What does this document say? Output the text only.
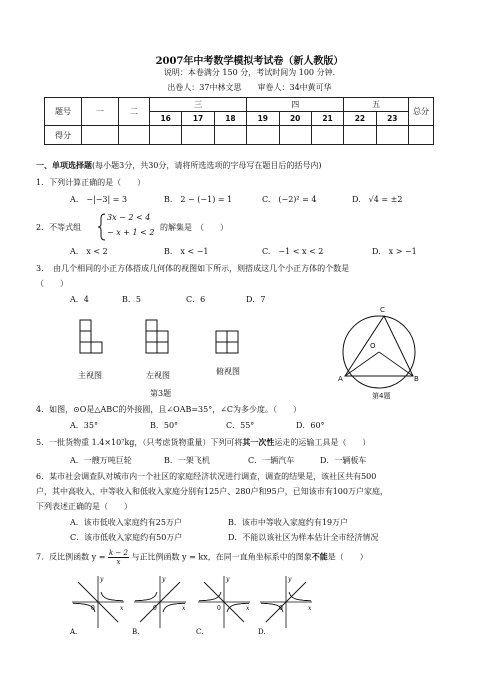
2007年中考数学模拟考试卷（新人教版）
说明：本卷满分 150 分，考试时间为 100 分钟.
出卷人：37中林文思　　审卷人：34中黄可华
题号	一	二	三			四			五		总分
			16	17	18	19	20	21	22	23	
得分											
一、单项选择题(每小题3分，共30分，请将所选选项的字母写在题目后的括号内)
1．下列计算正确的是（　　）
A.　−|−3| = 3	B.　2 − (−1) = 1	C.　(−2)² = 4	D.　√4 = ±2
2．不等式组
3x − 2 < 4
− x + 1 < 2
的解集是　（　　）
A.　x < 2	B.　x < −1	C.　−1 < x < 2	D.　x > −1
3．　由几个相同的小正方体搭成几何体的视图如下所示，则搭成这几个小正方体的个数是
（　　）
A．4	B．5	C．6	D．7
主视图	左视图	俯视图
第3题
C
O
A	B
第4题
4．如图，⊙O是△ABC的外接圆，且∠OAB=35°，∠C为多少度。（　　）
A．35°	B．50°	C．55°	D．60°
5．一批货物重 1.4×10⁷kg，（只考虑货物重量）下列可将其一次性运走的运输工具是（　　）
A．一艘万吨巨轮	B．一架飞机	C．一辆汽车	D．一辆板车
6．某市社会调查队对城市内一个社区的家庭经济状况进行调查，调查的结果是，该社区共有500
户，其中高收入、中等收入和低收入家庭分别有125户、280户和95户，已知该市有100万户家庭，
下列表述正确的是（　　）
A．该市低收入家庭约有25万户	B．该市中等收入家庭约有19万户
C．该市低收入家庭约有50万户	D．不能以该社区为样本估计全市经济情况
7．反比例函数 $y = \frac{k - 2}{x}$ 与正比例函数 y = kx，在同一直角坐标系中的图象不能是（　　）
x
y
0
A.
x
y
0
B.
x
y
0
C.
x
y
0
D.
